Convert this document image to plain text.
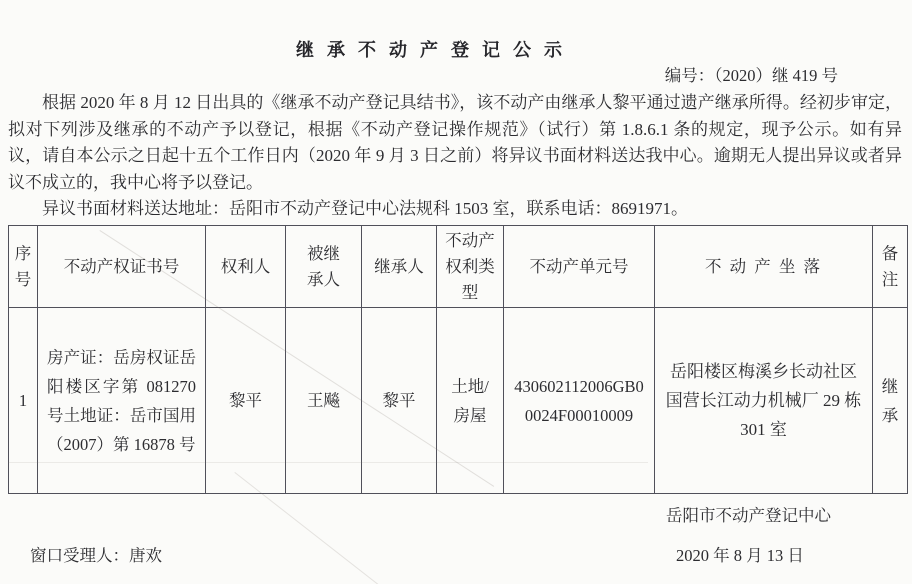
继 承 不 动 产 登 记 公 示
编号：（2020）继 419 号

根据 2020 年 8 月 12 日出具的《继承不动产登记具结书》，该不动产由继承人黎平通过遗产继承所得。经初步审定，拟对下列涉及继承的不动产予以登记，根据《不动产登记操作规范》（试行）第 1.8.6.1 条的规定，现予公示。如有异议，请自本公示之日起十五个工作日内（2020 年 9 月 3 日之前）将异议书面材料送达我中心。逾期无人提出异议或者异议不成立的，我中心将予以登记。

异议书面材料送达地址：岳阳市不动产登记中心法规科 1503 室，联系电话：8691971。

序号	不动产权证书号	权利人	被继承人	继承人	不动产权利类型	不动产单元号	不 动 产 坐 落	备注
1	房产证：岳房权证岳阳楼区字第 081270 号土地证：岳市国用（2007）第 16878 号	黎平	王飚	黎平	土地/房屋	430602112006GB00024F00010009	岳阳楼区梅溪乡长动社区国营长江动力机械厂 29 栋 301 室	继承
岳阳市不动产登记中心
2020 年 8 月 13 日
窗口受理人：唐欢
